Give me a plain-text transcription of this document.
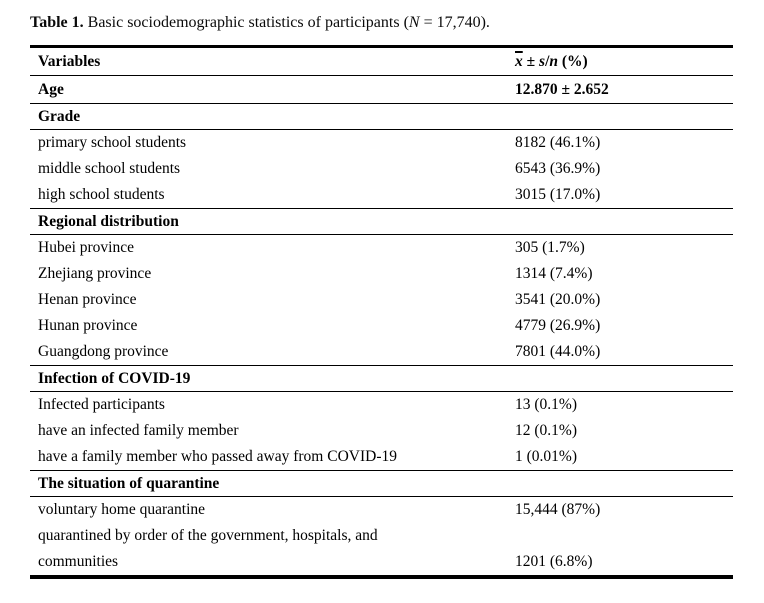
Table 1. Basic sociodemographic statistics of participants (N = 17,740).
Variables	$\overline{x} \pm s/n$ (%)
Age	12.870 ± 2.652
Grade
primary school students	8182 (46.1%)
middle school students	6543 (36.9%)
high school students	3015 (17.0%)
Regional distribution
Hubei province	305 (1.7%)
Zhejiang province	1314 (7.4%)
Henan province	3541 (20.0%)
Hunan province	4779 (26.9%)
Guangdong province	7801 (44.0%)
Infection of COVID-19
Infected participants	13 (0.1%)
have an infected family member	12 (0.1%)
have a family member who passed away from COVID-19	1 (0.01%)
The situation of quarantine
voluntary home quarantine	15,444 (87%)
quarantined by order of the government, hospitals, and
communities	1201 (6.8%)
